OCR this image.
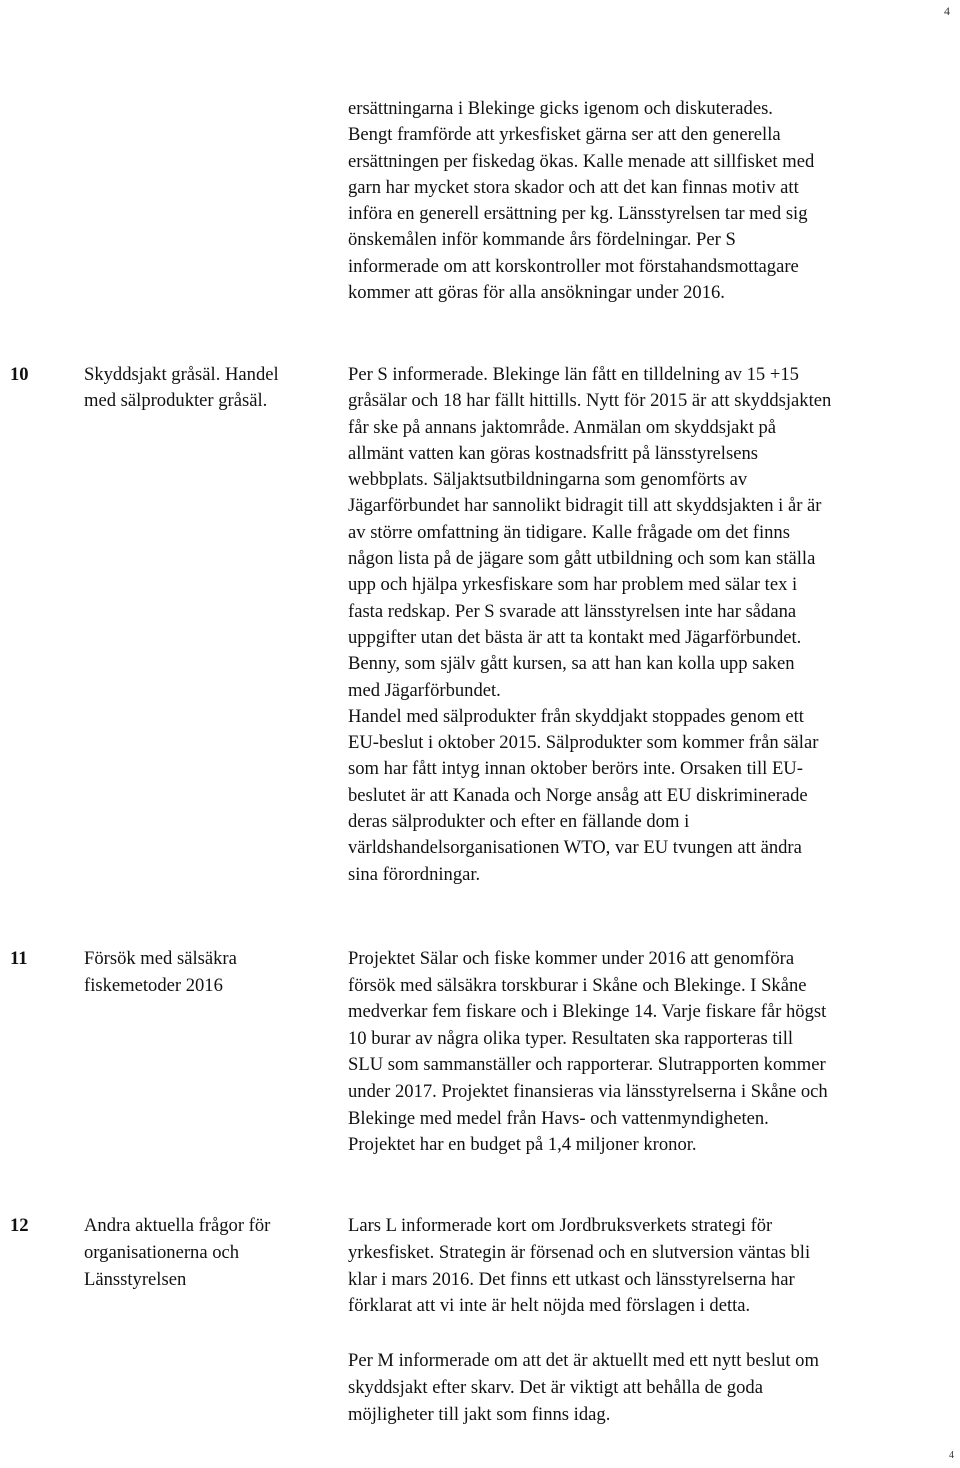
4
ersättningarna i Blekinge gicks igenom och diskuterades.
Bengt framförde att yrkesfisket gärna ser att den generella
ersättningen per fiskedag ökas. Kalle menade att sillfisket med
garn har mycket stora skador och att det kan finnas motiv att
införa en generell ersättning per kg. Länsstyrelsen tar med sig
önskemålen inför kommande års fördelningar. Per S
informerade om att korskontroller mot förstahandsmottagare
kommer att göras för alla ansökningar under 2016.
10	Skyddsjakt gråsäl. Handel
med sälprodukter gråsäl.

Per S informerade. Blekinge län fått en tilldelning av 15 +15
gråsälar och 18 har fällt hittills. Nytt för 2015 är att skyddsjakten
får ske på annans jaktområde. Anmälan om skyddsjakt på
allmänt vatten kan göras kostnadsfritt på länsstyrelsens
webbplats. Säljaktsutbildningarna som genomförts av
Jägarförbundet har sannolikt bidragit till att skyddsjakten i år är
av större omfattning än tidigare. Kalle frågade om det finns
någon lista på de jägare som gått utbildning och som kan ställa
upp och hjälpa yrkesfiskare som har problem med sälar tex i
fasta redskap. Per S svarade att länsstyrelsen inte har sådana
uppgifter utan det bästa är att ta kontakt med Jägarförbundet.
Benny, som själv gått kursen, sa att han kan kolla upp saken
med Jägarförbundet.

Handel med sälprodukter från skyddjakt stoppades genom ett
EU-beslut i oktober 2015. Sälprodukter som kommer från sälar
som har fått intyg innan oktober berörs inte. Orsaken till EU-
beslutet är att Kanada och Norge ansåg att EU diskriminerade
deras sälprodukter och efter en fällande dom i
världshandelsorganisationen WTO, var EU tvungen att ändra
sina förordningar.

11	Försök med sälsäkra
fiskemetoder 2016

Projektet Sälar och fiske kommer under 2016 att genomföra
försök med sälsäkra torskburar i Skåne och Blekinge. I Skåne
medverkar fem fiskare och i Blekinge 14. Varje fiskare får högst
10 burar av några olika typer. Resultaten ska rapporteras till
SLU som sammanställer och rapporterar. Slutrapporten kommer
under 2017. Projektet finansieras via länsstyrelserna i Skåne och
Blekinge med medel från Havs- och vattenmyndigheten.
Projektet har en budget på 1,4 miljoner kronor.

12	Andra aktuella frågor för
organisationerna och
Länsstyrelsen

Lars L informerade kort om Jordbruksverkets strategi för
yrkesfisket. Strategin är försenad och en slutversion väntas bli
klar i mars 2016. Det finns ett utkast och länsstyrelserna har
förklarat att vi inte är helt nöjda med förslagen i detta.

Per M informerade om att det är aktuellt med ett nytt beslut om
skyddsjakt efter skarv. Det är viktigt att behålla de goda
möjligheter till jakt som finns idag.

4
